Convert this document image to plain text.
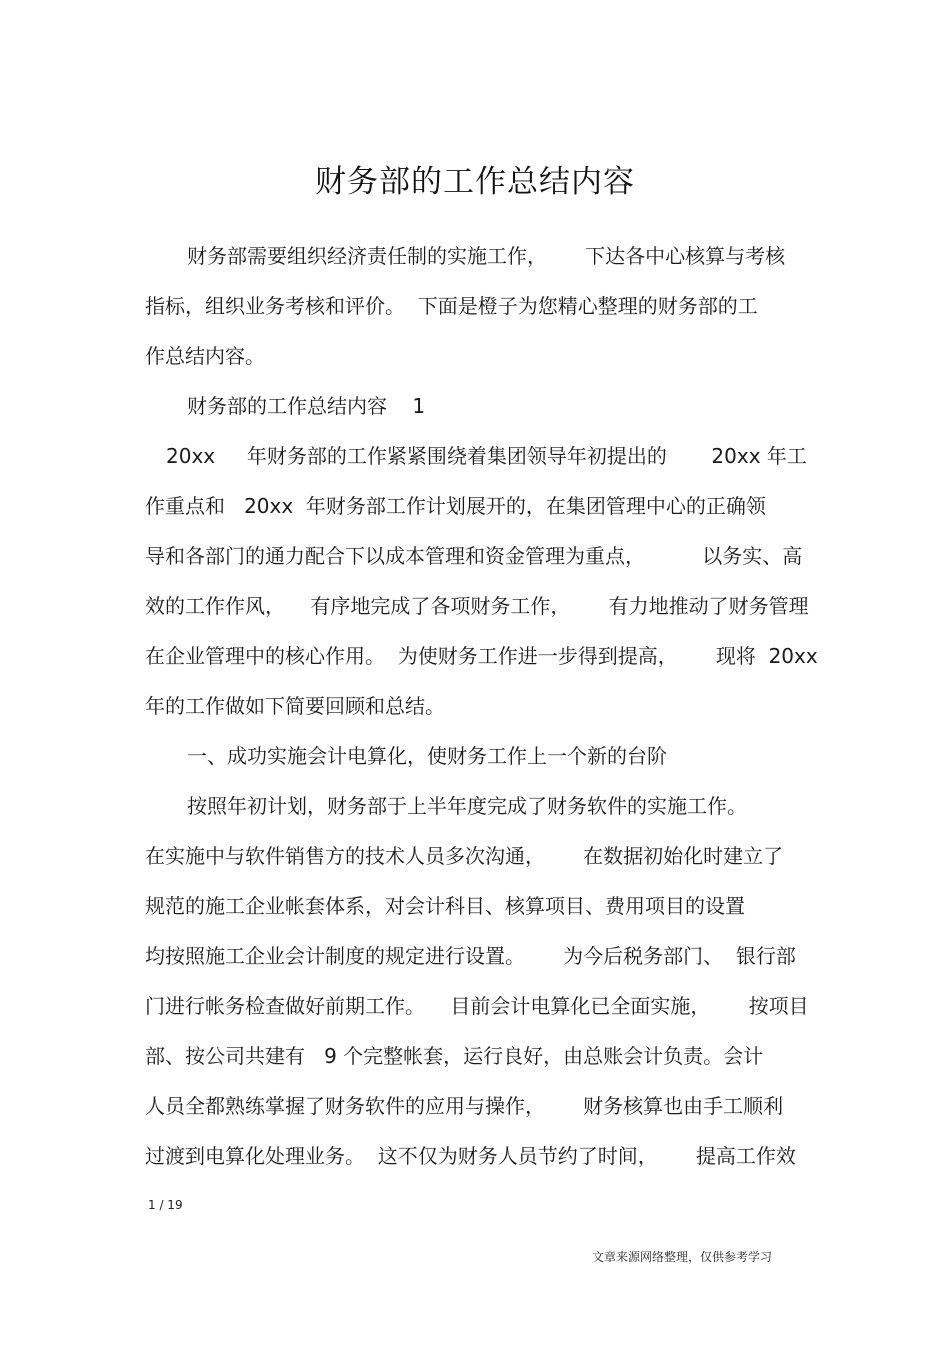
财务部的工作总结内容
财务部需要组织经济责任制的实施工作，      下达各中心核算与考核
指标，组织业务考核和评价。  下面是橙子为您精心整理的财务部的工
作总结内容。
财务部的工作总结内容    1
20xx     年财务部的工作紧紧围绕着集团领导年初提出的       20xx 年工
作重点和   20xx  年财务部工作计划展开的，在集团管理中心的正确领
导和各部门的通力配合下以成本管理和资金管理为重点，         以务实、高
效的工作作风，    有序地完成了各项财务工作，      有力地推动了财务管理
在企业管理中的核心作用。  为使财务工作进一步得到提高，      现将  20xx
年的工作做如下简要回顾和总结。
一、成功实施会计电算化，使财务工作上一个新的台阶
按照年初计划，财务部于上半年度完成了财务软件的实施工作。
在实施中与软件销售方的技术人员多次沟通，      在数据初始化时建立了
规范的施工企业帐套体系，对会计科目、核算项目、费用项目的设置
均按照施工企业会计制度的规定进行设置。      为今后税务部门、  银行部
门进行帐务检查做好前期工作。    目前会计电算化已全面实施，      按项目
部、按公司共建有   9 个完整帐套，运行良好，由总账会计负责。会计
人员全都熟练掌握了财务软件的应用与操作，      财务核算也由手工顺利
过渡到电算化处理业务。  这不仅为财务人员节约了时间，      提高工作效
1 / 19
文章来源网络整理，仅供参考学习
